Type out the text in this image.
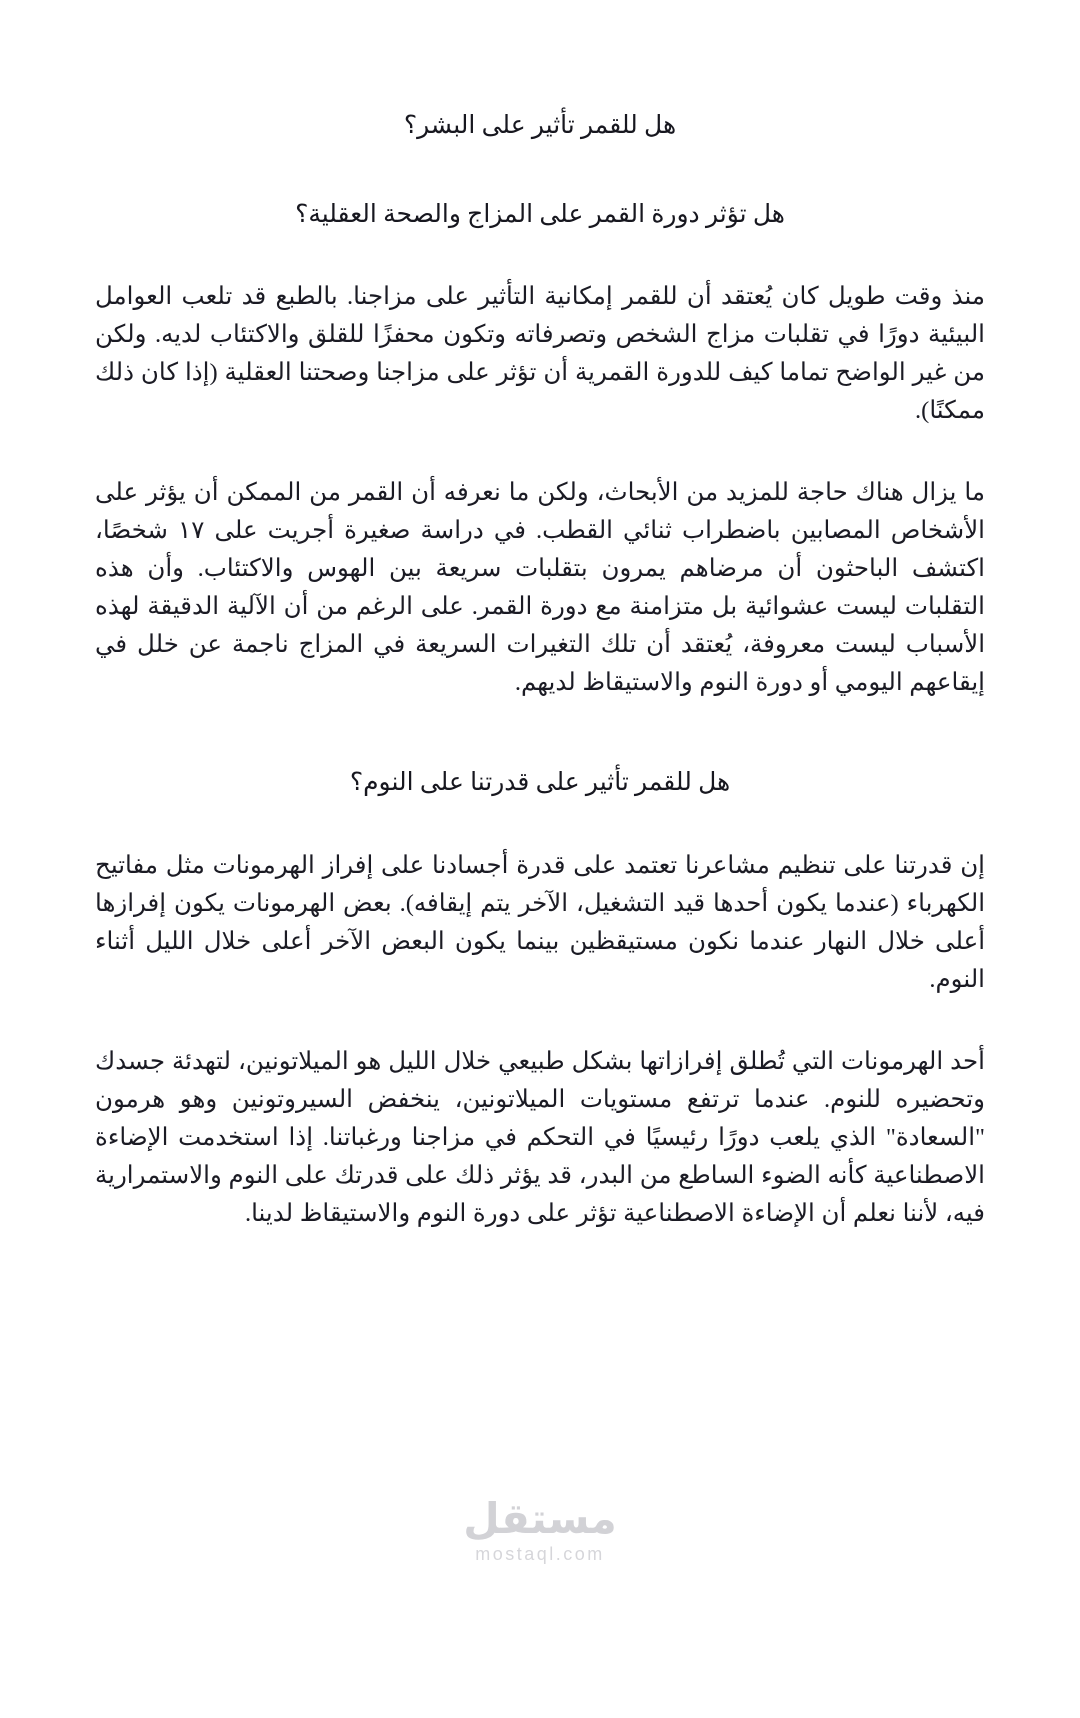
هل للقمر تأثير على البشر؟
هل تؤثر دورة القمر على المزاج والصحة العقلية؟

منذ وقت طويل كان يُعتقد أن للقمر إمكانية التأثير على مزاجنا. بالطبع قد تلعب العوامل البيئية دورًا في تقلبات مزاج الشخص وتصرفاته وتكون محفزًا للقلق والاكتئاب لديه. ولكن من غير الواضح تماما كيف للدورة القمرية أن تؤثر على مزاجنا وصحتنا العقلية (إذا كان ذلك ممكنًا).

ما يزال هناك حاجة للمزيد من الأبحاث، ولكن ما نعرفه أن القمر من الممكن أن يؤثر على الأشخاص المصابين باضطراب ثنائي القطب. في دراسة صغيرة أجريت على ١٧ شخصًا، اكتشف الباحثون أن مرضاهم يمرون بتقلبات سريعة بين الهوس والاكتئاب. وأن هذه التقلبات ليست عشوائية بل متزامنة مع دورة القمر. على الرغم من أن الآلية الدقيقة لهذه الأسباب ليست معروفة، يُعتقد أن تلك التغيرات السريعة في المزاج ناجمة عن خلل في إيقاعهم اليومي أو دورة النوم والاستيقاظ لديهم.

هل للقمر تأثير على قدرتنا على النوم؟

إن قدرتنا على تنظيم مشاعرنا تعتمد على قدرة أجسادنا على إفراز الهرمونات مثل مفاتيح الكهرباء (عندما يكون أحدها قيد التشغيل، الآخر يتم إيقافه). بعض الهرمونات يكون إفرازها أعلى خلال النهار عندما نكون مستيقظين بينما يكون البعض الآخر أعلى خلال الليل أثناء النوم.

أحد الهرمونات التي تُطلق إفرازاتها بشكل طبيعي خلال الليل هو الميلاتونين، لتهدئة جسدك وتحضيره للنوم. عندما ترتفع مستويات الميلاتونين، ينخفض السيروتونين وهو هرمون "السعادة" الذي يلعب دورًا رئيسيًا في التحكم في مزاجنا ورغباتنا. إذا استخدمت الإضاءة الاصطناعية كأنه الضوء الساطع من البدر، قد يؤثر ذلك على قدرتك على النوم والاستمرارية فيه، لأننا نعلم أن الإضاءة الاصطناعية تؤثر على دورة النوم والاستيقاظ لدينا.

مستقل
mostaql.com
